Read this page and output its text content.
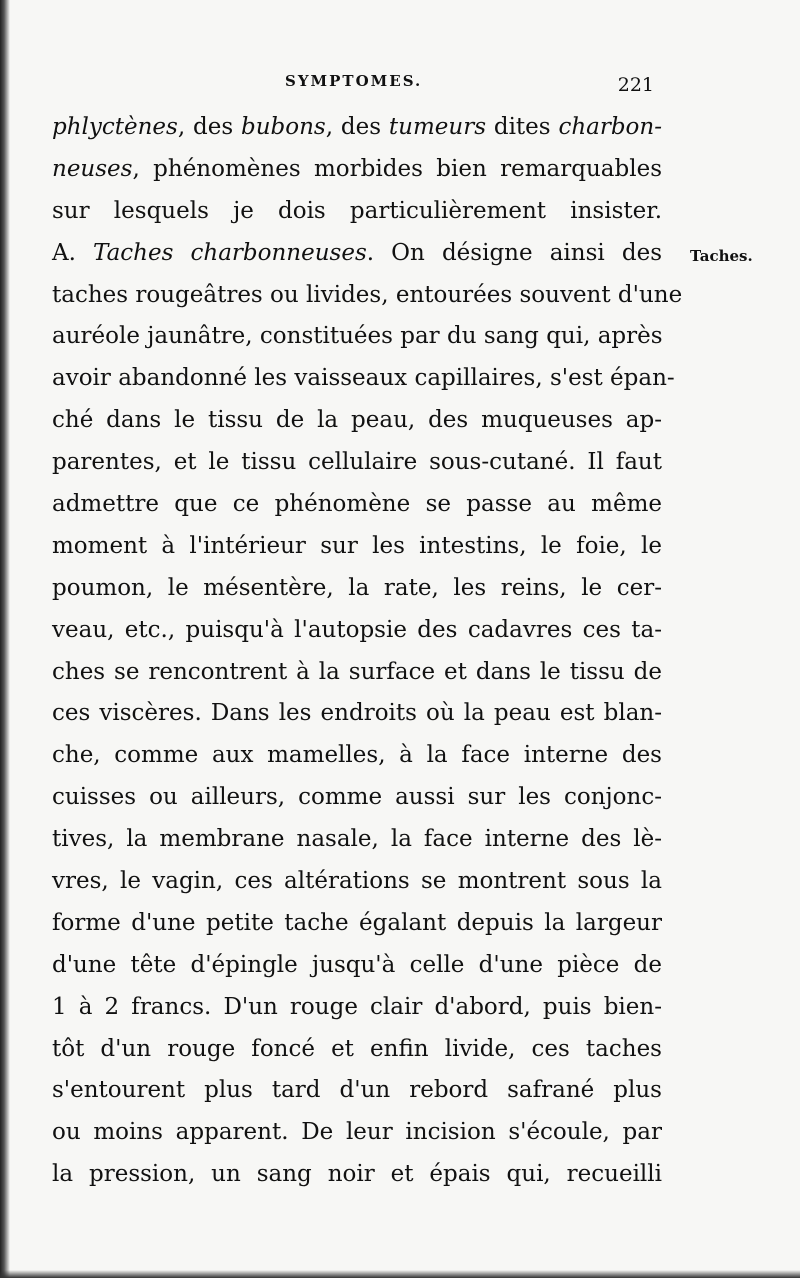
SYMPTOMES.	221
Taches.
phlyctènes, des bubons, des tumeurs dites charbon-
neuses, phénomènes morbides bien remarquables
sur lesquels je dois particulièrement insister.
A. Taches charbonneuses. On désigne ainsi des
taches rougeâtres ou livides, entourées souvent d'une
auréole jaunâtre, constituées par du sang qui, après
avoir abandonné les vaisseaux capillaires, s'est épan-
ché dans le tissu de la peau, des muqueuses ap-
parentes, et le tissu cellulaire sous-cutané. Il faut
admettre que ce phénomène se passe au même
moment à l'intérieur sur les intestins, le foie, le
poumon, le mésentère, la rate, les reins, le cer-
veau, etc., puisqu'à l'autopsie des cadavres ces ta-
ches se rencontrent à la surface et dans le tissu de
ces viscères. Dans les endroits où la peau est blan-
che, comme aux mamelles, à la face interne des
cuisses ou ailleurs, comme aussi sur les conjonc-
tives, la membrane nasale, la face interne des lè-
vres, le vagin, ces altérations se montrent sous la
forme d'une petite tache égalant depuis la largeur
d'une tête d'épingle jusqu'à celle d'une pièce de
1 à 2 francs. D'un rouge clair d'abord, puis bien-
tôt d'un rouge foncé et enfin livide, ces taches
s'entourent plus tard d'un rebord safrané plus
ou moins apparent. De leur incision s'écoule, par
la pression, un sang noir et épais qui, recueilli
